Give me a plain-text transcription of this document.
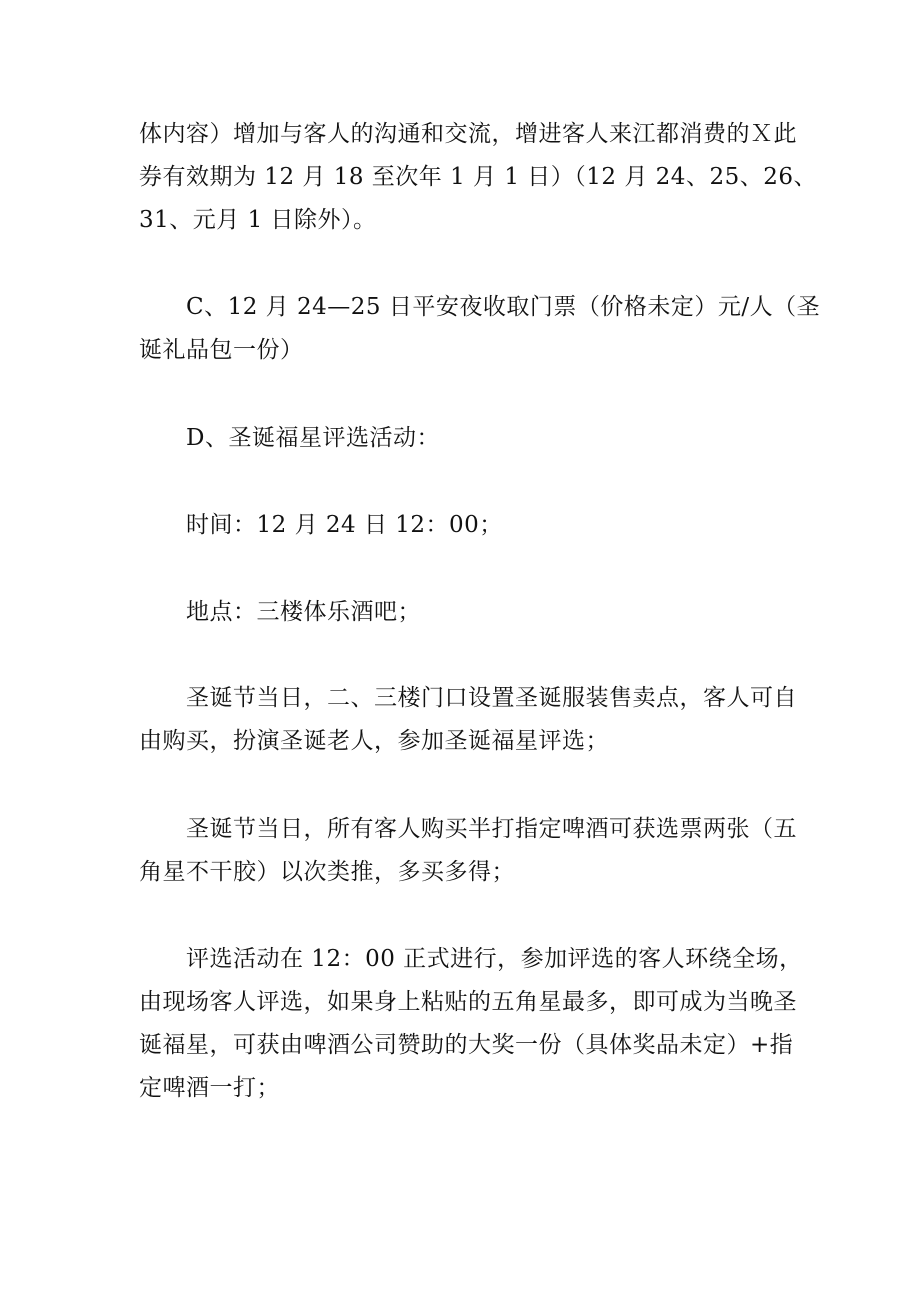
体内容）增加与客人的沟通和交流，增进客人来江都消费的Ｘ此
券有效期为 12 月 18 至次年 1 月 1 日）（12 月 24、25、26、
31、元月 1 日除外）。
C、12 月 24—25 日平安夜收取门票（价格未定）元/人（圣
诞礼品包一份）
D、圣诞福星评选活动：
时间：12 月 24 日 12：00；
地点：三楼体乐酒吧；
圣诞节当日，二、三楼门口设置圣诞服装售卖点，客人可自
由购买，扮演圣诞老人，参加圣诞福星评选；
圣诞节当日，所有客人购买半打指定啤酒可获选票两张（五
角星不干胶）以次类推，多买多得；
评选活动在 12：00 正式进行，参加评选的客人环绕全场，
由现场客人评选，如果身上粘贴的五角星最多，即可成为当晚圣
诞福星，可获由啤酒公司赞助的大奖一份（具体奖品未定）+指
定啤酒一打；
